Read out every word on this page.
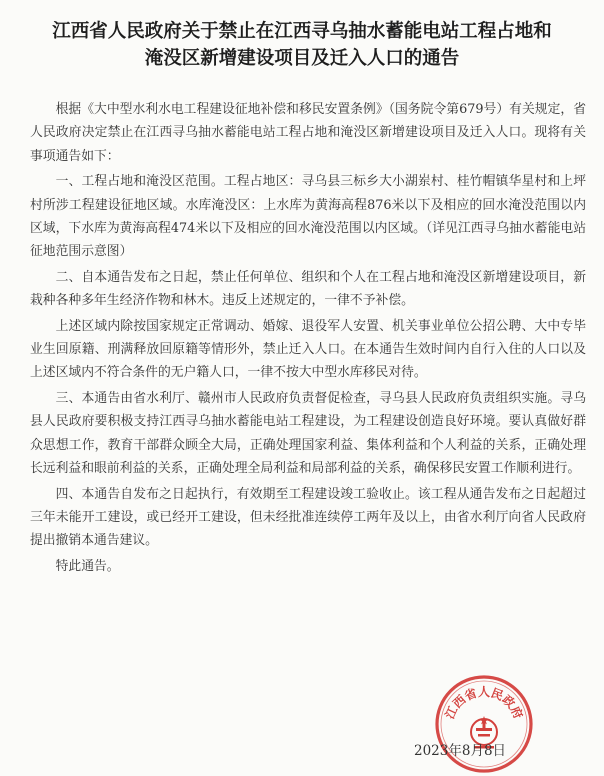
江西省人民政府关于禁止在江西寻乌抽水蓄能电站工程占地和
淹没区新增建设项目及迁入人口的通告

根据《大中型水利水电工程建设征地补偿和移民安置条例》（国务院令第679号）有关规定，省人民政府决定禁止在江西寻乌抽水蓄能电站工程占地和淹没区新增建设项目及迁入人口。现将有关事项通告如下：

一、工程占地和淹没区范围。工程占地区：寻乌县三标乡大小湖岽村、桂竹帽镇华星村和上坪村所涉工程建设征地区域。水库淹没区：上水库为黄海高程876米以下及相应的回水淹没范围以内区域，下水库为黄海高程474米以下及相应的回水淹没范围以内区域。（详见江西寻乌抽水蓄能电站征地范围示意图）

二、自本通告发布之日起，禁止任何单位、组织和个人在工程占地和淹没区新增建设项目，新栽种各种多年生经济作物和林木。违反上述规定的，一律不予补偿。

上述区域内除按国家规定正常调动、婚嫁、退役军人安置、机关事业单位公招公聘、大中专毕业生回原籍、刑满释放回原籍等情形外，禁止迁入人口。在本通告生效时间内自行入住的人口以及上述区域内不符合条件的无户籍人口，一律不按大中型水库移民对待。

三、本通告由省水利厅、赣州市人民政府负责督促检查，寻乌县人民政府负责组织实施。寻乌县人民政府要积极支持江西寻乌抽水蓄能电站工程建设，为工程建设创造良好环境。要认真做好群众思想工作，教育干部群众顾全大局，正确处理国家利益、集体利益和个人利益的关系，正确处理长远利益和眼前利益的关系，正确处理全局利益和局部利益的关系，确保移民安置工作顺利进行。

四、本通告自发布之日起执行，有效期至工程建设竣工验收止。该工程从通告发布之日起超过三年未能开工建设，或已经开工建设，但未经批准连续停工两年及以上，由省水利厅向省人民政府提出撤销本通告建议。

特此通告。

江西省人民政府
2023年8月8日
